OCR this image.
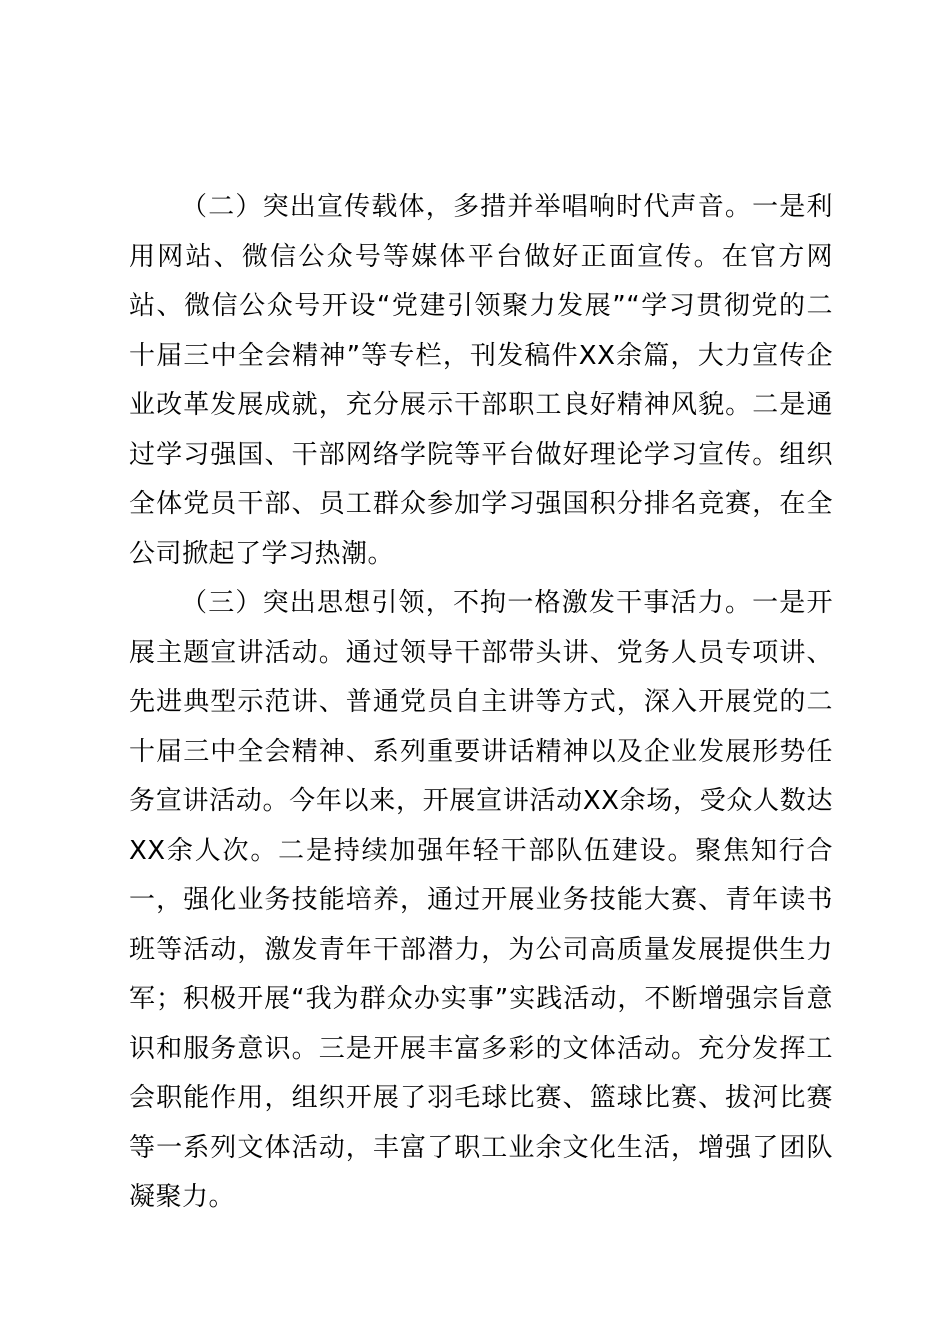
（二）突出宣传载体，多措并举唱响时代声音。一是利用网站、微信公众号等媒体平台做好正面宣传。在官方网站、微信公众号开设“党建引领聚力发展”“学习贯彻党的二十届三中全会精神”等专栏，刊发稿件XX余篇，大力宣传企业改革发展成就，充分展示干部职工良好精神风貌。二是通过学习强国、干部网络学院等平台做好理论学习宣传。组织全体党员干部、员工群众参加学习强国积分排名竞赛，在全公司掀起了学习热潮。

（三）突出思想引领，不拘一格激发干事活力。一是开展主题宣讲活动。通过领导干部带头讲、党务人员专项讲、先进典型示范讲、普通党员自主讲等方式，深入开展党的二十届三中全会精神、系列重要讲话精神以及企业发展形势任务宣讲活动。今年以来，开展宣讲活动XX余场，受众人数达XX余人次。二是持续加强年轻干部队伍建设。聚焦知行合一，强化业务技能培养，通过开展业务技能大赛、青年读书班等活动，激发青年干部潜力，为公司高质量发展提供生力军；积极开展“我为群众办实事”实践活动，不断增强宗旨意识和服务意识。三是开展丰富多彩的文体活动。充分发挥工会职能作用，组织开展了羽毛球比赛、篮球比赛、拔河比赛等一系列文体活动，丰富了职工业余文化生活，增强了团队凝聚力。
